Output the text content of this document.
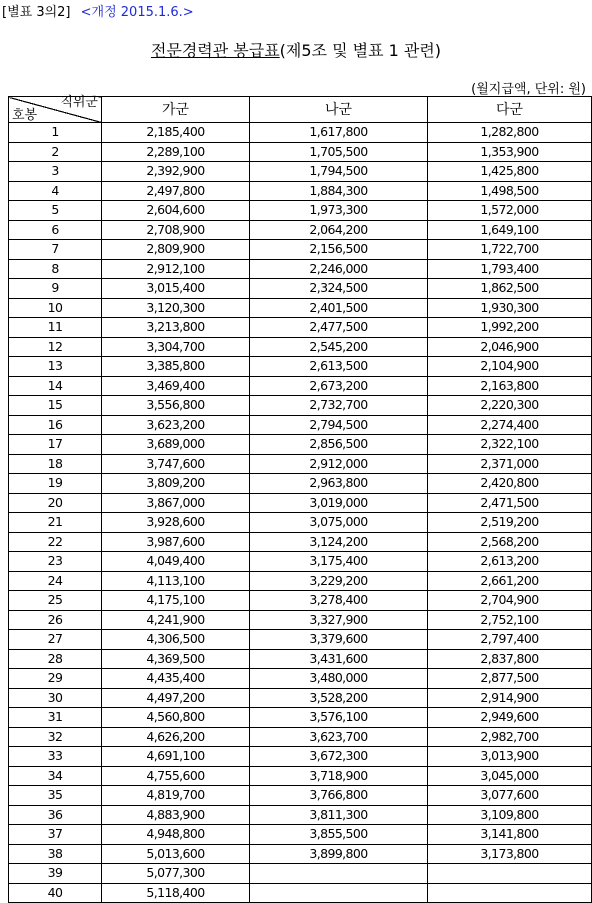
[별표 3의2] <개정 2015.1.6.>
전문경력관 봉급표(제5조 및 별표 1 관련)
(월지급액, 단위: 원)
직위군
호봉	가군	나군	다군
1	2,185,400	1,617,800	1,282,800
2	2,289,100	1,705,500	1,353,900
3	2,392,900	1,794,500	1,425,800
4	2,497,800	1,884,300	1,498,500
5	2,604,600	1,973,300	1,572,000
6	2,708,900	2,064,200	1,649,100
7	2,809,900	2,156,500	1,722,700
8	2,912,100	2,246,000	1,793,400
9	3,015,400	2,324,500	1,862,500
10	3,120,300	2,401,500	1,930,300
11	3,213,800	2,477,500	1,992,200
12	3,304,700	2,545,200	2,046,900
13	3,385,800	2,613,500	2,104,900
14	3,469,400	2,673,200	2,163,800
15	3,556,800	2,732,700	2,220,300
16	3,623,200	2,794,500	2,274,400
17	3,689,000	2,856,500	2,322,100
18	3,747,600	2,912,000	2,371,000
19	3,809,200	2,963,800	2,420,800
20	3,867,000	3,019,000	2,471,500
21	3,928,600	3,075,000	2,519,200
22	3,987,600	3,124,200	2,568,200
23	4,049,400	3,175,400	2,613,200
24	4,113,100	3,229,200	2,661,200
25	4,175,100	3,278,400	2,704,900
26	4,241,900	3,327,900	2,752,100
27	4,306,500	3,379,600	2,797,400
28	4,369,500	3,431,600	2,837,800
29	4,435,400	3,480,000	2,877,500
30	4,497,200	3,528,200	2,914,900
31	4,560,800	3,576,100	2,949,600
32	4,626,200	3,623,700	2,982,700
33	4,691,100	3,672,300	3,013,900
34	4,755,600	3,718,900	3,045,000
35	4,819,700	3,766,800	3,077,600
36	4,883,900	3,811,300	3,109,800
37	4,948,800	3,855,500	3,141,800
38	5,013,600	3,899,800	3,173,800
39	5,077,300		
40	5,118,400		
